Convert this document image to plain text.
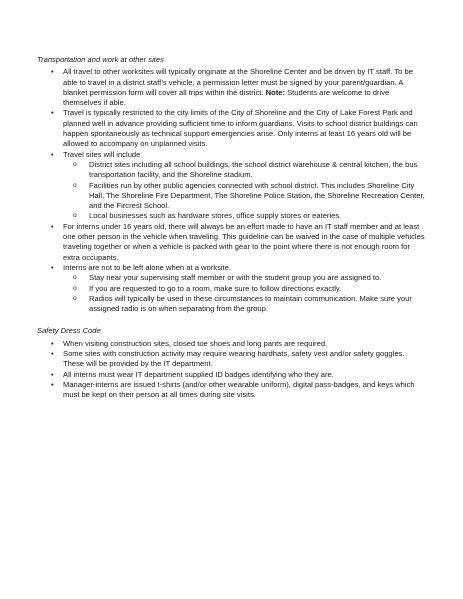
Transportation and work at other sites

• All travel to other worksites will typically originate at the Shoreline Center and be driven by IT staff. To be able to travel in a district staff’s vehicle, a permission letter must be signed by your parent/guardian. A blanket permission form will cover all trips within the district. Note: Students are welcome to drive themselves if able.
• Travel is typically restricted to the city limits of the City of Shoreline and the City of Lake Forest Park and planned well in advance providing sufficient time to inform guardians. Visits to school district buildings can happen spontaneously as technical support emergencies arise. Only interns at least 16 years old will be allowed to accompany on unplanned visits.
• Travel sites will include
o District sites including all school buildings, the school district warehouse & central kitchen, the bus transportation facility, and the Shoreline stadium.
o Facilities run by other public agencies connected with school district. This includes Shoreline City Hall, The Shoreline Fire Department, The Shoreline Police Station, the Shoreline Recreation Center, and the Fircrest School.
o Local businesses such as hardware stores, office supply stores or eateries.
• For interns under 16 years old, there will always be an effort made to have an IT staff member and at least one other person in the vehicle when traveling. This guideline can be waived in the case of multiple vehicles traveling together or when a vehicle is packed with gear to the point where there is not enough room for extra occupants.
• Interns are not to be left alone when at a worksite.
o Stay near your supervising staff member or with the student group you are assigned to.
o If you are requested to go to a room, make sure to follow directions exactly.
o Radios will typically be used in these circumstances to maintain communication. Make sure your assigned radio is on when separating from the group.

Safety Dress Code

• When visiting construction sites, closed toe shoes and long pants are required.
• Some sites with construction activity may require wearing hardhats, safety vest and/or safety goggles. These will be provided by the IT department.
• All interns must wear IT department supplied ID badges identifying who they are.
• Manager-interns are issued t-shirts (and/or other wearable uniform), digital pass-badges, and keys which must be kept on their person at all times during site visits.
